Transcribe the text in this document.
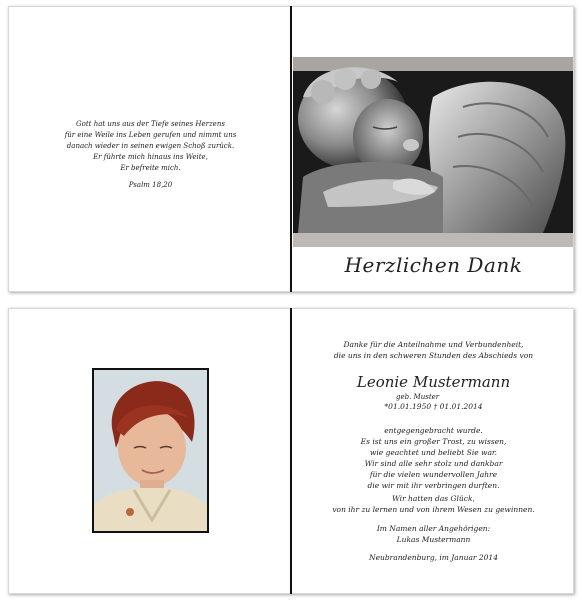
Gott hat uns aus der Tiefe seines Herzens
für eine Weile ins Leben gerufen und nimmt uns
danach wieder in seinen ewigen Schoß zurück.
Er führte mich hinaus ins Weite,
Er befreite mich.
Psalm 18,20
Herzlichen Dank
Danke für die Anteilnahme und Verbundenheit,
die uns in den schweren Stunden des Abschieds von
Leonie Mustermann
geb. Muster
*01.01.1950 † 01.01.2014
entgegengebracht wurde.
Es ist uns ein großer Trost, zu wissen,
wie geachtet und beliebt Sie war.
Wir sind alle sehr stolz und dankbar
für die vielen wundervollen Jahre
die wir mit ihr verbringen durften.
Wir hatten das Glück,
von ihr zu lernen und von ihrem Wesen zu gewinnen.
Im Namen aller Angehörigen:
Lukas Mustermann
Neubrandenburg, im Januar 2014
